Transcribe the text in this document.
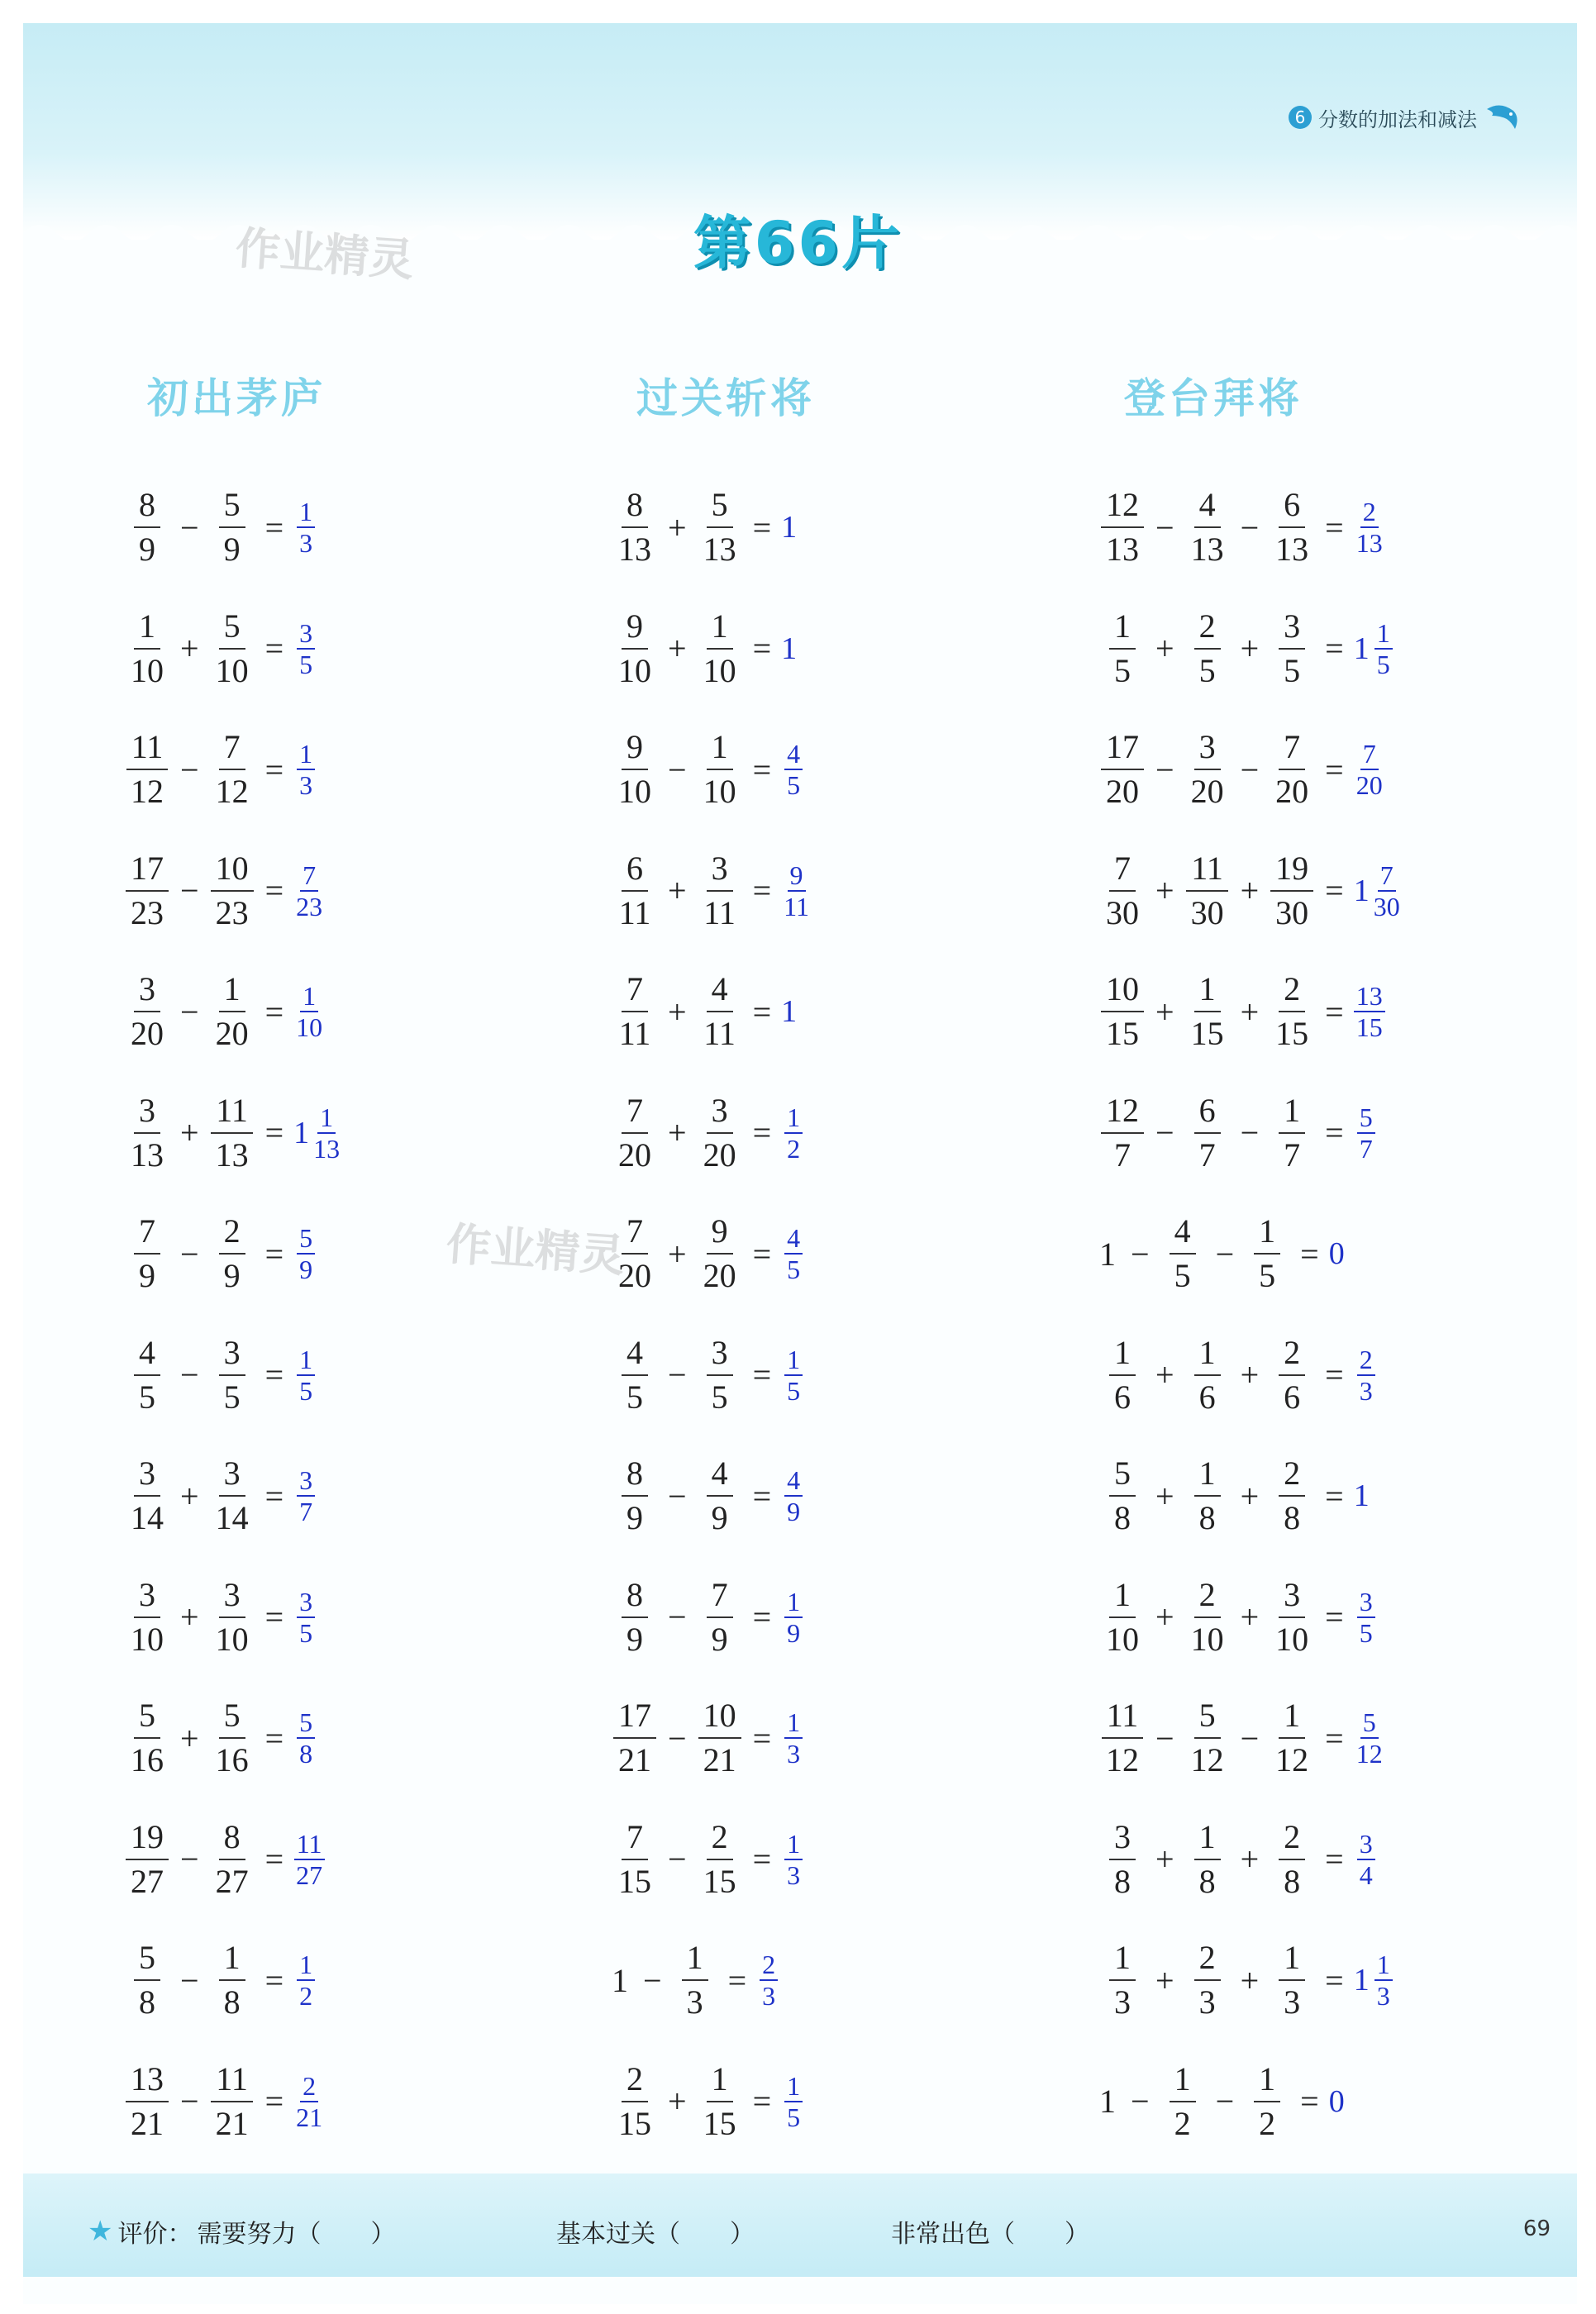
6 分数的加法和减法
第66片
作业精灵
作业精灵
初出茅庐	过关斩将	登台拜将
$\frac{8}{9} - \frac{5}{9} = \frac{1}{3}$
$\frac{1}{10} + \frac{5}{10} = \frac{3}{5}$
$\frac{11}{12} - \frac{7}{12} = \frac{1}{3}$
$\frac{17}{23} - \frac{10}{23} = \frac{7}{23}$
$\frac{3}{20} - \frac{1}{20} = \frac{1}{10}$
$\frac{3}{13} + \frac{11}{13} = 1 \frac{1}{13}$
$\frac{7}{9} - \frac{2}{9} = \frac{5}{9}$
$\frac{4}{5} - \frac{3}{5} = \frac{1}{5}$
$\frac{3}{14} + \frac{3}{14} = \frac{3}{7}$
$\frac{3}{10} + \frac{3}{10} = \frac{3}{5}$
$\frac{5}{16} + \frac{5}{16} = \frac{5}{8}$
$\frac{19}{27} - \frac{8}{27} = \frac{11}{27}$
$\frac{5}{8} - \frac{1}{8} = \frac{1}{2}$
$\frac{13}{21} - \frac{11}{21} = \frac{2}{21}$
$\frac{8}{13} + \frac{5}{13} = 1$
$\frac{9}{10} + \frac{1}{10} = 1$
$\frac{9}{10} - \frac{1}{10} = \frac{4}{5}$
$\frac{6}{11} + \frac{3}{11} = \frac{9}{11}$
$\frac{7}{11} + \frac{4}{11} = 1$
$\frac{7}{20} + \frac{3}{20} = \frac{1}{2}$
$\frac{7}{20} + \frac{9}{20} = \frac{4}{5}$
$\frac{4}{5} - \frac{3}{5} = \frac{1}{5}$
$\frac{8}{9} - \frac{4}{9} = \frac{4}{9}$
$\frac{8}{9} - \frac{7}{9} = \frac{1}{9}$
$\frac{17}{21} - \frac{10}{21} = \frac{1}{3}$
$\frac{7}{15} - \frac{2}{15} = \frac{1}{3}$
$1 - \frac{1}{3} = \frac{2}{3}$
$\frac{2}{15} + \frac{1}{15} = \frac{1}{5}$
$\frac{12}{13} - \frac{4}{13} - \frac{6}{13} = \frac{2}{13}$
$\frac{1}{5} + \frac{2}{5} + \frac{3}{5} = 1 \frac{1}{5}$
$\frac{17}{20} - \frac{3}{20} - \frac{7}{20} = \frac{7}{20}$
$\frac{7}{30} + \frac{11}{30} + \frac{19}{30} = 1 \frac{7}{30}$
$\frac{10}{15} + \frac{1}{15} + \frac{2}{15} = \frac{13}{15}$
$\frac{12}{7} - \frac{6}{7} - \frac{1}{7} = \frac{5}{7}$
$1 - \frac{4}{5} - \frac{1}{5} = 0$
$\frac{1}{6} + \frac{1}{6} + \frac{2}{6} = \frac{2}{3}$
$\frac{5}{8} + \frac{1}{8} + \frac{2}{8} = 1$
$\frac{1}{10} + \frac{2}{10} + \frac{3}{10} = \frac{3}{5}$
$\frac{11}{12} - \frac{5}{12} - \frac{1}{12} = \frac{5}{12}$
$\frac{3}{8} + \frac{1}{8} + \frac{2}{8} = \frac{3}{4}$
$\frac{1}{3} + \frac{2}{3} + \frac{1}{3} = 1 \frac{1}{3}$
$1 - \frac{1}{2} - \frac{1}{2} = 0$
★ 评价： 需要努力（　　）	基本过关（　　）	非常出色（　　）	69
